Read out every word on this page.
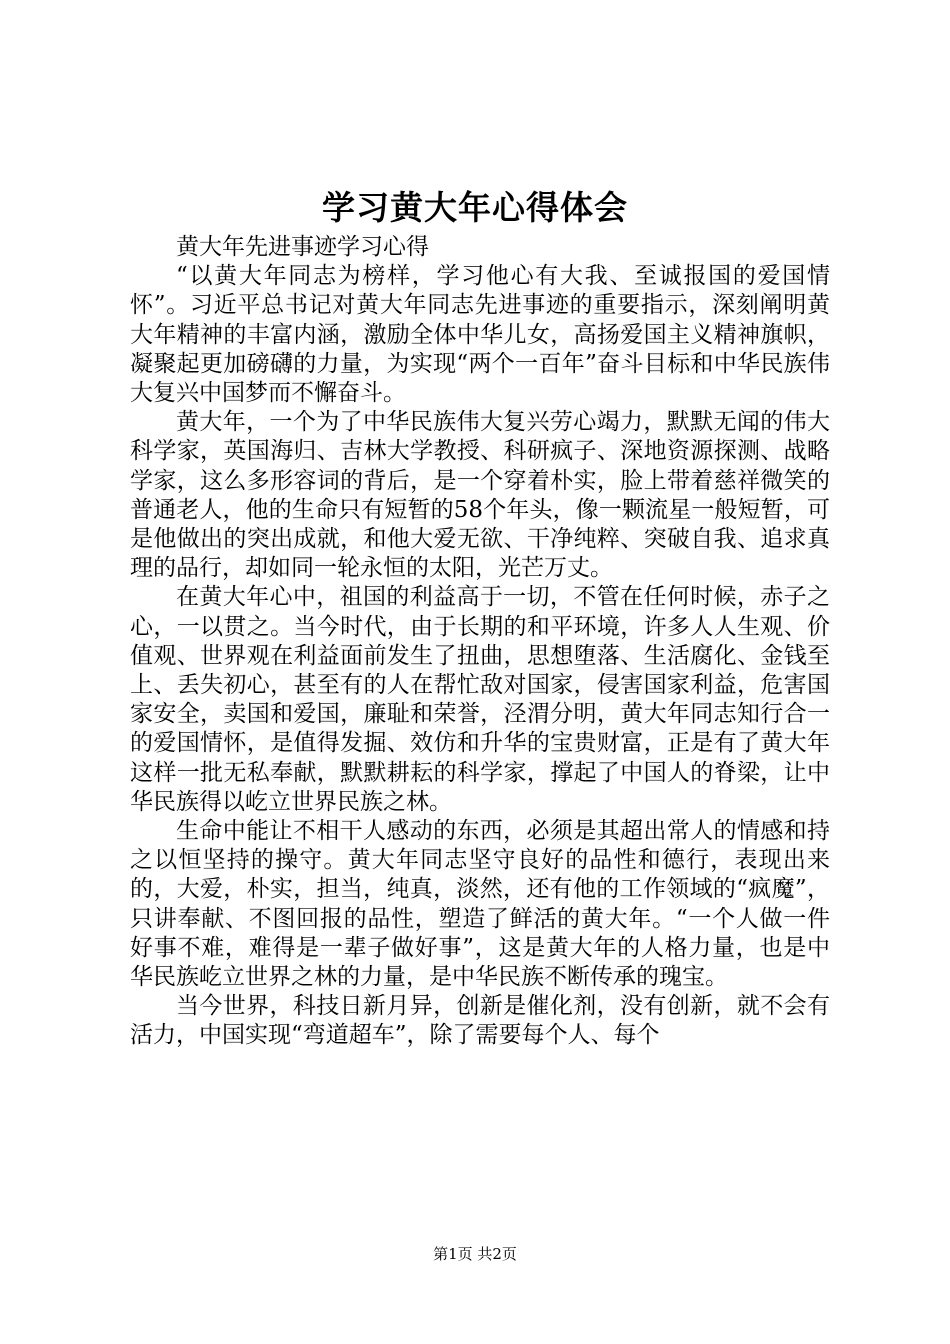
学习黄大年心得体会

黄大年先进事迹学习心得

“以黄大年同志为榜样，学习他心有大我、至诚报国的爱国情怀”。习近平总书记对黄大年同志先进事迹的重要指示，深刻阐明黄大年精神的丰富内涵，激励全体中华儿女，高扬爱国主义精神旗帜，凝聚起更加磅礴的力量，为实现“两个一百年”奋斗目标和中华民族伟大复兴中国梦而不懈奋斗。

黄大年，一个为了中华民族伟大复兴劳心竭力，默默无闻的伟大科学家，英国海归、吉林大学教授、科研疯子、深地资源探测、战略学家，这么多形容词的背后，是一个穿着朴实，脸上带着慈祥微笑的普通老人，他的生命只有短暂的58个年头，像一颗流星一般短暂，可是他做出的突出成就，和他大爱无欲、干净纯粹、突破自我、追求真理的品行，却如同一轮永恒的太阳，光芒万丈。

在黄大年心中，祖国的利益高于一切，不管在任何时候，赤子之心，一以贯之。当今时代，由于长期的和平环境，许多人人生观、价值观、世界观在利益面前发生了扭曲，思想堕落、生活腐化、金钱至上、丢失初心，甚至有的人在帮忙敌对国家，侵害国家利益，危害国家安全，卖国和爱国，廉耻和荣誉，泾渭分明，黄大年同志知行合一的爱国情怀，是值得发掘、效仿和升华的宝贵财富，正是有了黄大年这样一批无私奉献，默默耕耘的科学家，撑起了中国人的脊梁，让中华民族得以屹立世界民族之林。

生命中能让不相干人感动的东西，必须是其超出常人的情感和持之以恒坚持的操守。黄大年同志坚守良好的品性和德行，表现出来的，大爱，朴实，担当，纯真，淡然，还有他的工作领域的“疯魔”，只讲奉献、不图回报的品性，塑造了鲜活的黄大年。“一个人做一件好事不难，难得是一辈子做好事”，这是黄大年的人格力量，也是中华民族屹立世界之林的力量，是中华民族不断传承的瑰宝。

当今世界，科技日新月异，创新是催化剂，没有创新，就不会有活力，中国实现“弯道超车”，除了需要每个人、每个

第1页 共2页
